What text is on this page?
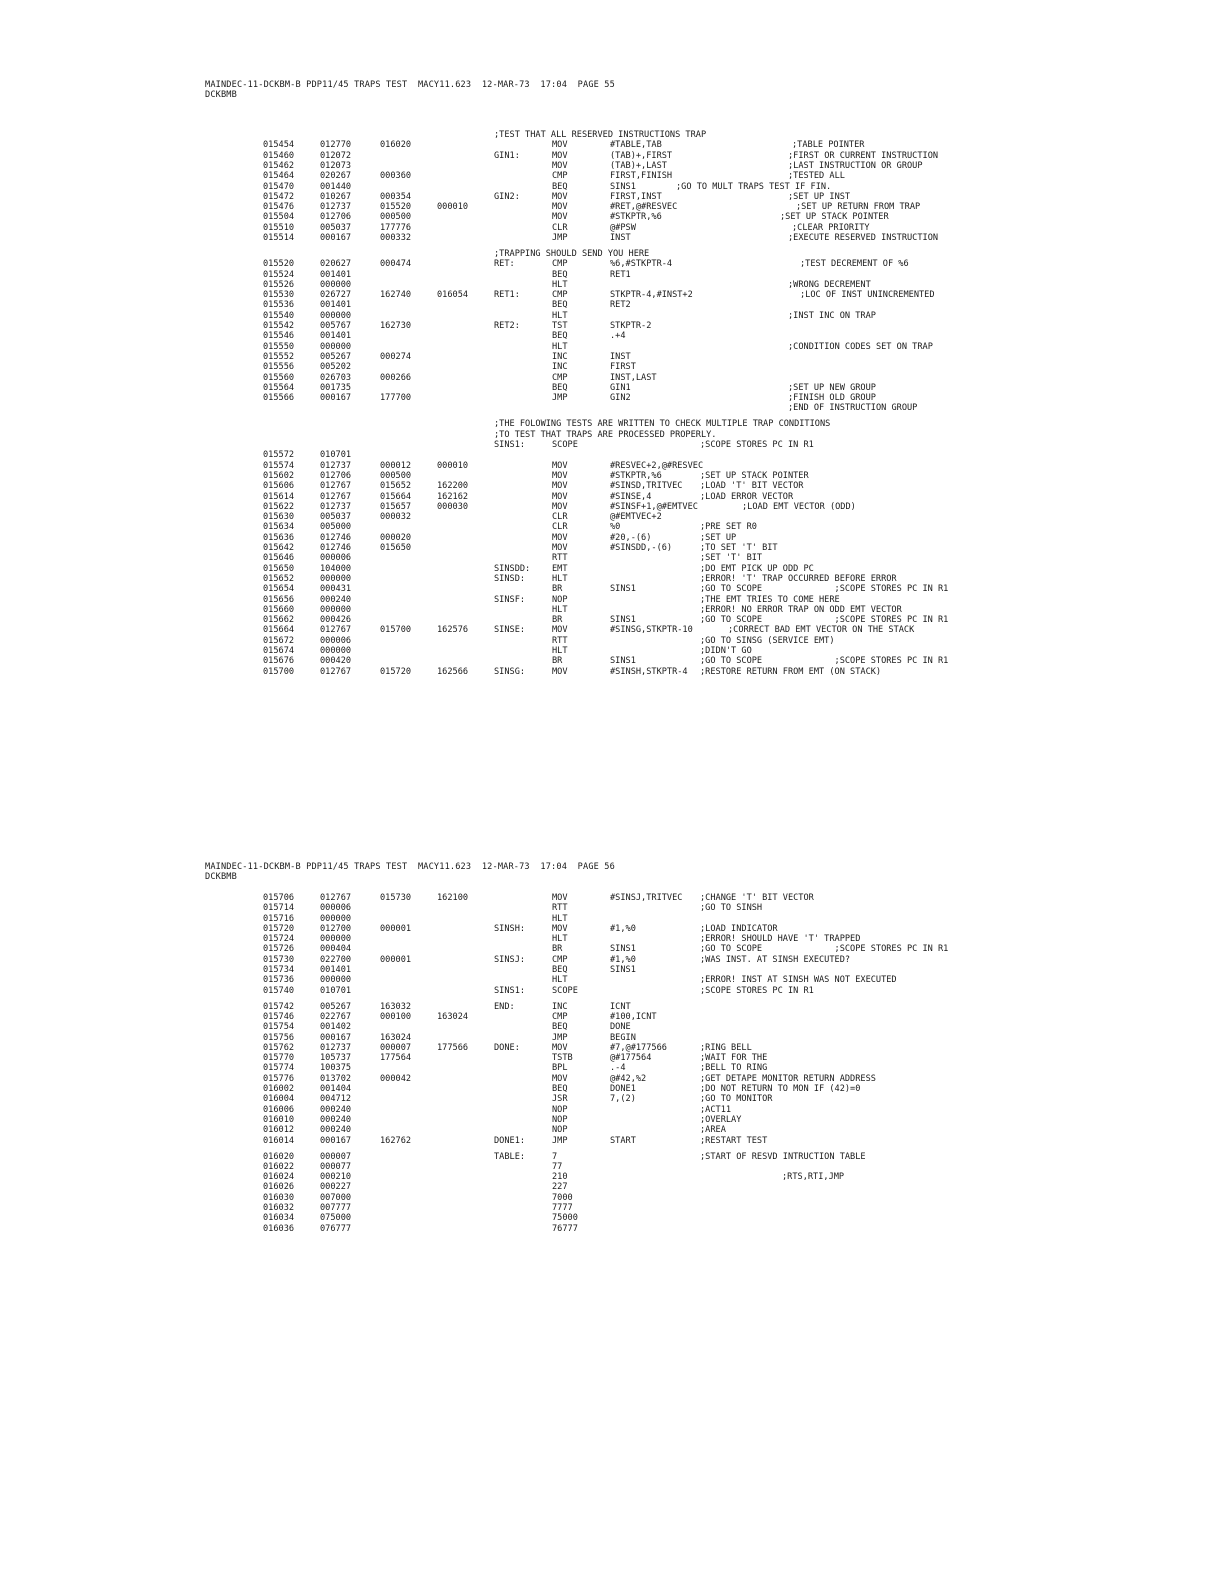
MAINDEC-11-DCKBM-B PDP11/45 TRAPS TEST  MACY11.623  12-MAR-73  17:04  PAGE 55
DCKBMB
;TEST THAT ALL RESERVED INSTRUCTIONS TRAP
015454	012770	016020	MOV	#TABLE,TAB	;TABLE POINTER
015460	012072	GIN1:	MOV	(TAB)+,FIRST	;FIRST OR CURRENT INSTRUCTION
015462	012073	MOV	(TAB)+,LAST	;LAST INSTRUCTION OR GROUP
015464	020267	000360	CMP	FIRST,FINISH	;TESTED ALL
015470	001440	BEQ	SINS1	;GO TO MULT TRAPS TEST IF FIN.
015472	010267	000354	GIN2:	MOV	FIRST,INST	;SET UP INST
015476	012737	015520	000010	MOV	#RET,@#RESVEC	;SET UP RETURN FROM TRAP
015504	012706	000500	MOV	#STKPTR,%6	;SET UP STACK POINTER
015510	005037	177776	CLR	@#PSW	;CLEAR PRIORITY
015514	000167	000332	JMP	INST	;EXECUTE RESERVED INSTRUCTION
;TRAPPING SHOULD SEND YOU HERE
015520	020627	000474	RET:	CMP	%6,#STKPTR-4	;TEST DECREMENT OF %6
015524	001401	BEQ	RET1
015526	000000	HLT	;WRONG DECREMENT
015530	026727	162740	016054	RET1:	CMP	STKPTR-4,#INST+2	;LOC OF INST UNINCREMENTED
015536	001401	BEQ	RET2
015540	000000	HLT	;INST INC ON TRAP
015542	005767	162730	RET2:	TST	STKPTR-2
015546	001401	BEQ	.+4
015550	000000	HLT	;CONDITION CODES SET ON TRAP
015552	005267	000274	INC	INST
015556	005202	INC	FIRST
015560	026703	000266	CMP	INST,LAST
015564	001735	BEQ	GIN1	;SET UP NEW GROUP
015566	000167	177700	JMP	GIN2	;FINISH OLD GROUP
;END OF INSTRUCTION GROUP
;THE FOLOWING TESTS ARE WRITTEN TO CHECK MULTIPLE TRAP CONDITIONS
;TO TEST THAT TRAPS ARE PROCESSED PROPERLY.
SINS1:	SCOPE	;SCOPE STORES PC IN R1
015572	010701
015574	012737	000012	000010	MOV	#RESVEC+2,@#RESVEC
015602	012706	000500	MOV	#STKPTR,%6	;SET UP STACK POINTER
015606	012767	015652	162200	MOV	#SINSD,TRITVEC ;LOAD 'T' BIT VECTOR
015614	012767	015664	162162	MOV	#SINSE,4	;LOAD ERROR VECTOR
015622	012737	015657	000030	MOV	#SINSF+1,@#EMTVEC	;LOAD EMT VECTOR (ODD)
015630	005037	000032	CLR	@#EMTVEC+2
015634	005000	CLR	%0	;PRE SET R0
015636	012746	000020	MOV	#20,-(6)	;SET UP
015642	012746	015650	MOV	#SINSDD,-(6)	;TO SET 'T' BIT
015646	000006	RTT	;SET 'T' BIT
015650	104000	SINSDD:	EMT	;DO EMT PICK UP ODD PC
015652	000000	SINSD:	HLT	;ERROR! 'T' TRAP OCCURRED BEFORE ERROR
015654	000431	BR	SINS1	;GO TO SCOPE              ;SCOPE STORES PC IN R1
015656	000240	SINSF:	NOP	;THE EMT TRIES TO COME HERE
015660	000000	HLT	;ERROR! NO ERROR TRAP ON ODD EMT VECTOR
015662	000426	BR	SINS1	;GO TO SCOPE              ;SCOPE STORES PC IN R1
015664	012767	015700	162576	SINSE:	MOV	#SINSG,STKPTR-10	;CORRECT BAD EMT VECTOR ON THE STACK
015672	000006	RTT	;GO TO SINSG (SERVICE EMT)
015674	000000	HLT	;DIDN'T GO
015676	000420	BR	SINS1	;GO TO SCOPE              ;SCOPE STORES PC IN R1
015700	012767	015720	162566	SINSG:	MOV	#SINSH,STKPTR-4 ;RESTORE RETURN FROM EMT (ON STACK)
MAINDEC-11-DCKBM-B PDP11/45 TRAPS TEST  MACY11.623  12-MAR-73  17:04  PAGE 56
DCKBMB
015706	012767	015730	162100	MOV	#SINSJ,TRITVEC ;CHANGE 'T' BIT VECTOR
015714	000006	RTT	;GO TO SINSH
015716	000000	HLT
015720	012700	000001	SINSH:	MOV	#1,%0	;LOAD INDICATOR
015724	000000	HLT	;ERROR! SHOULD HAVE 'T' TRAPPED
015726	000404	BR	SINS1	;GO TO SCOPE              ;SCOPE STORES PC IN R1
015730	022700	000001	SINSJ:	CMP	#1,%0	;WAS INST. AT SINSH EXECUTED?
015734	001401	BEQ	SINS1
015736	000000	HLT	;ERROR! INST AT SINSH WAS NOT EXECUTED
015740	010701	SINS1:	SCOPE	;SCOPE STORES PC IN R1
015742	005267	163032	END:	INC	ICNT
015746	022767	000100	163024	CMP	#100,ICNT
015754	001402	BEQ	DONE
015756	000167	163024	JMP	BEGIN
015762	012737	000007	177566	DONE:	MOV	#7,@#177566	;RING BELL
015770	105737	177564	TSTB	@#177564	;WAIT FOR THE
015774	100375	BPL	.-4	;BELL TO RING
015776	013702	000042	MOV	@#42,%2	;GET DETAPE MONITOR RETURN ADDRESS
016002	001404	BEQ	DONE1	;DO NOT RETURN TO MON IF (42)=0
016004	004712	JSR	7,(2)	;GO TO MONITOR
016006	000240	NOP	;ACT11
016010	000240	NOP	;OVERLAY
016012	000240	NOP	;AREA
016014	000167	162762	DONE1:	JMP	START	;RESTART TEST
016020	000007	TABLE:	7	;START OF RESVD INTRUCTION TABLE
016022	000077	77
016024	000210	210	;RTS,RTI,JMP
016026	000227	227
016030	007000	7000
016032	007777	7777
016034	075000	75000
016036	076777	76777
